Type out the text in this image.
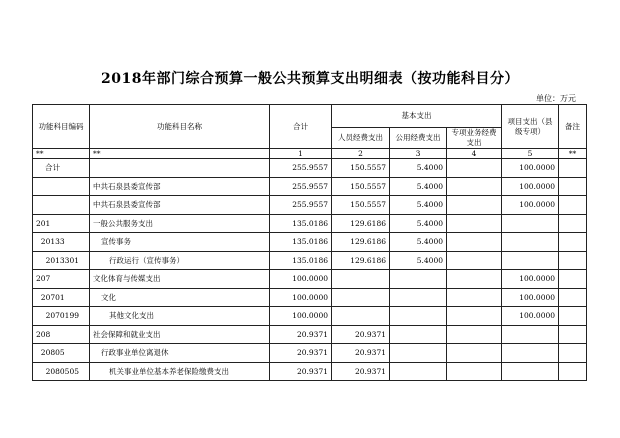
2018年部门综合预算一般公共预算支出明细表（按功能科目分）
单位：万元
功能科目编码	功能科目名称	合计	基本支出			项目支出（县级专项）	备注
			人员经费支出	公用经费支出	专项业务经费支出		
**	**	1	2	3	4	5	**
合计		255.9557	150.5557	5.4000		100.0000	
	中共石泉县委宣传部	255.9557	150.5557	5.4000		100.0000	
	中共石泉县委宣传部	255.9557	150.5557	5.4000		100.0000	
201	一般公共服务支出	135.0186	129.6186	5.4000			
20133	宣传事务	135.0186	129.6186	5.4000			
2013301	行政运行（宣传事务）	135.0186	129.6186	5.4000			
207	文化体育与传媒支出	100.0000				100.0000	
20701	文化	100.0000				100.0000	
2070199	其他文化支出	100.0000				100.0000	
208	社会保障和就业支出	20.9371	20.9371				
20805	行政事业单位离退休	20.9371	20.9371				
2080505	机关事业单位基本养老保险缴费支出	20.9371	20.9371				
